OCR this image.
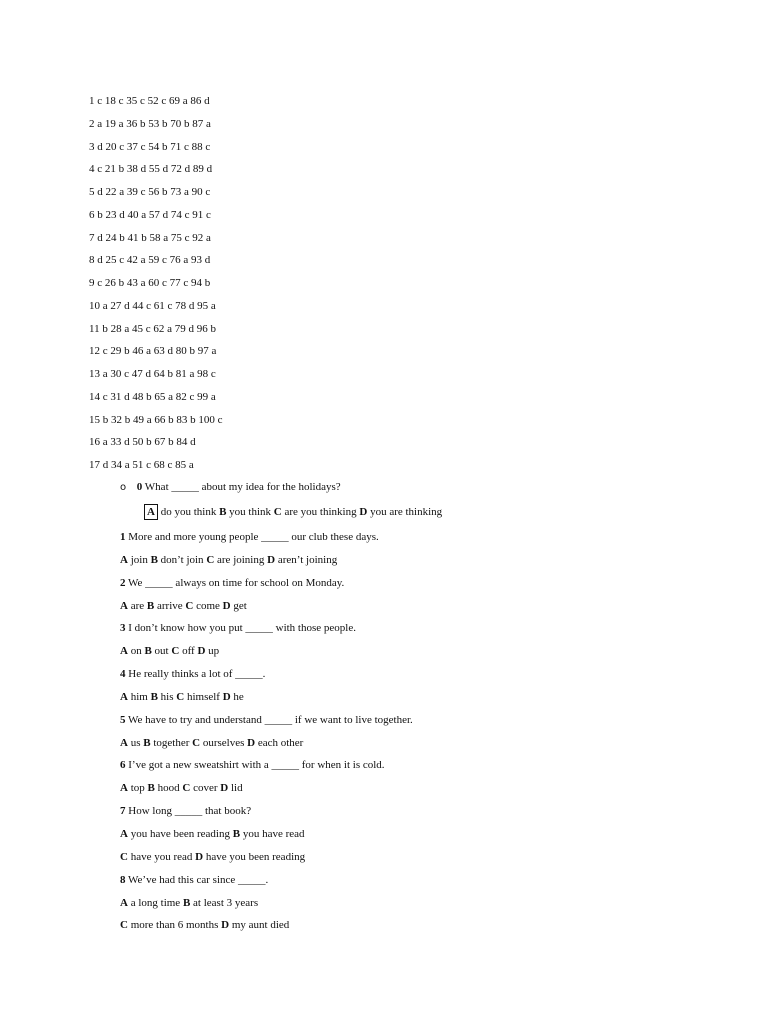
1 c 18 c 35 c 52 c 69 a 86 d
2 a 19 a 36 b 53 b 70 b 87 a
3 d 20 c 37 c 54 b 71 c 88 c
4 c 21 b 38 d 55 d 72 d 89 d
5 d 22 a 39 c 56 b 73 a 90 c
6 b 23 d 40 a 57 d 74 c 91 c
7 d 24 b 41 b 58 a 75 c 92 a
8 d 25 c 42 a 59 c 76 a 93 d
9 c 26 b 43 a 60 c 77 c 94 b
10 a 27 d 44 c 61 c 78 d 95 a
11 b 28 a 45 c 62 a 79 d 96 b
12 c 29 b 46 a 63 d 80 b 97 a
13 a 30 c 47 d 64 b 81 a 98 c
14 c 31 d 48 b 65 a 82 c 99 a
15 b 32 b 49 a 66 b 83 b 100 c
16 a 33 d 50 b 67 b 84 d
17 d 34 a 51 c 68 c 85 a
o 0 What _____ about my idea for the holidays?
A do you think B you think C are you thinking D you are thinking
1 More and more young people _____ our club these days.
A join B don’t join C are joining D aren’t joining
2 We _____ always on time for school on Monday.
A are B arrive C come D get
3 I don’t know how you put _____ with those people.
A on B out C off D up
4 He really thinks a lot of _____.
A him B his C himself D he
5 We have to try and understand _____ if we want to live together.
A us B together C ourselves D each other
6 I’ve got a new sweatshirt with a _____ for when it is cold.
A top B hood C cover D lid
7 How long _____ that book?
A you have been reading B you have read
C have you read D have you been reading
8 We’ve had this car since _____.
A a long time B at least 3 years
C more than 6 months D my aunt died
